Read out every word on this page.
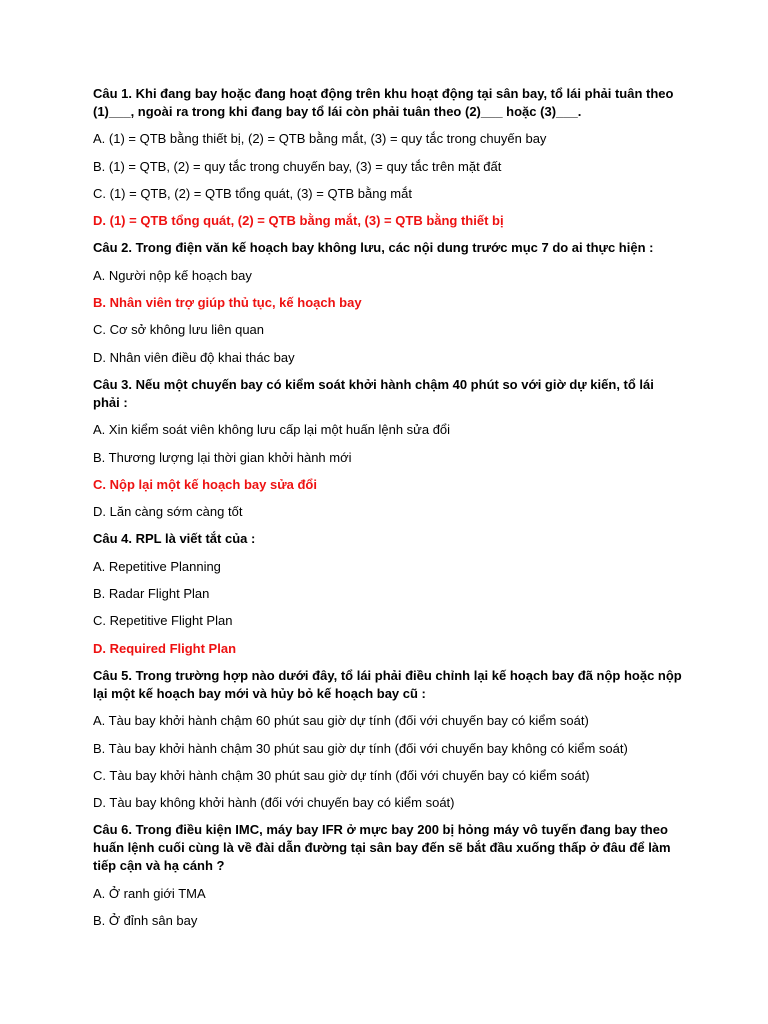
Câu 1. Khi đang bay hoặc đang hoạt động trên khu hoạt động tại sân bay, tổ lái phải tuân theo (1)___, ngoài ra trong khi đang bay tổ lái còn phải tuân theo (2)___ hoặc (3)___.
A. (1) = QTB bằng thiết bị, (2) = QTB bằng mắt, (3) = quy tắc trong chuyến bay
B. (1) = QTB, (2) = quy tắc trong chuyến bay, (3) = quy tắc trên mặt đất
C. (1) = QTB, (2) = QTB tổng quát, (3) = QTB bằng mắt
D. (1) = QTB tổng quát, (2) = QTB bằng mắt, (3) = QTB bằng thiết bị
Câu 2. Trong điện văn kế hoạch bay không lưu, các nội dung trước mục 7 do ai thực hiện :
A. Người nộp kế hoạch bay
B. Nhân viên trợ giúp thủ tục, kế hoạch bay
C. Cơ sở không lưu liên quan
D. Nhân viên điều độ khai thác bay
Câu 3. Nếu một chuyến bay có kiểm soát khởi hành chậm 40 phút so với giờ dự kiến, tổ lái phải :
A. Xin kiểm soát viên không lưu cấp lại một huấn lệnh sửa đổi
B. Thương lượng lại thời gian khởi hành mới
C. Nộp lại một kế hoạch bay sửa đổi
D. Lăn càng sớm càng tốt
Câu 4. RPL là viết tắt của :
A. Repetitive Planning
B. Radar Flight Plan
C. Repetitive Flight Plan
D. Required Flight Plan
Câu 5. Trong trường hợp nào dưới đây, tổ lái phải điều chỉnh lại kế hoạch bay đã nộp hoặc nộp lại một kế hoạch bay mới và hủy bỏ kế hoạch bay cũ :
A. Tàu bay khởi hành chậm 60 phút sau giờ dự tính (đối với chuyến bay có kiểm soát)
B. Tàu bay khởi hành chậm 30 phút sau giờ dự tính (đối với chuyến bay không có kiểm soát)
C. Tàu bay khởi hành chậm 30 phút sau giờ dự tính (đối với chuyến bay có kiểm soát)
D. Tàu bay không khởi hành (đối với chuyến bay có kiểm soát)
Câu 6. Trong điều kiện IMC, máy bay IFR ở mực bay 200 bị hỏng máy vô tuyến đang bay theo huấn lệnh cuối cùng là về đài dẫn đường tại sân bay đến sẽ bắt đầu xuống thấp ở đâu để làm tiếp cận và hạ cánh ?
A. Ở ranh giới TMA
B. Ở đỉnh sân bay
